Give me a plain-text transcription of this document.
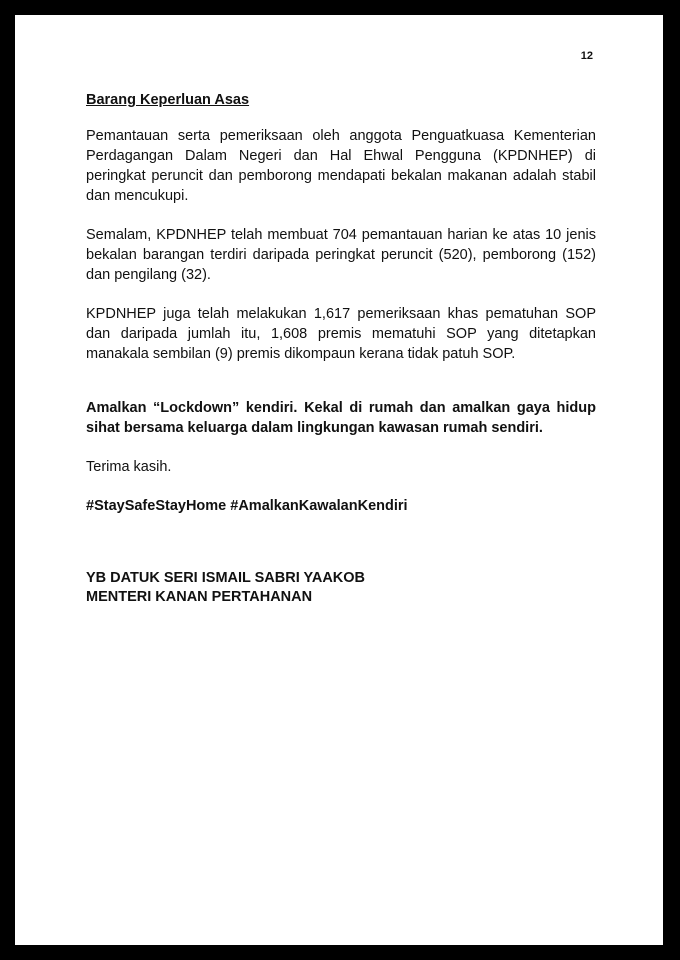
12

Barang Keperluan Asas

Pemantauan serta pemeriksaan oleh anggota Penguatkuasa Kementerian Perdagangan Dalam Negeri dan Hal Ehwal Pengguna (KPDNHEP) di peringkat peruncit dan pemborong mendapati bekalan makanan adalah stabil dan mencukupi.

Semalam, KPDNHEP telah membuat 704 pemantauan harian ke atas 10 jenis bekalan barangan terdiri daripada peringkat peruncit (520), pemborong (152) dan pengilang (32).

KPDNHEP juga telah melakukan 1,617 pemeriksaan khas pematuhan SOP dan daripada jumlah itu, 1,608 premis mematuhi SOP yang ditetapkan manakala sembilan (9) premis dikompaun kerana tidak patuh SOP.

Amalkan “Lockdown” kendiri. Kekal di rumah dan amalkan gaya hidup sihat bersama keluarga dalam lingkungan kawasan rumah sendiri.

Terima kasih.

#StaySafeStayHome #AmalkanKawalanKendiri

YB DATUK SERI ISMAIL SABRI YAAKOB

MENTERI KANAN PERTAHANAN
